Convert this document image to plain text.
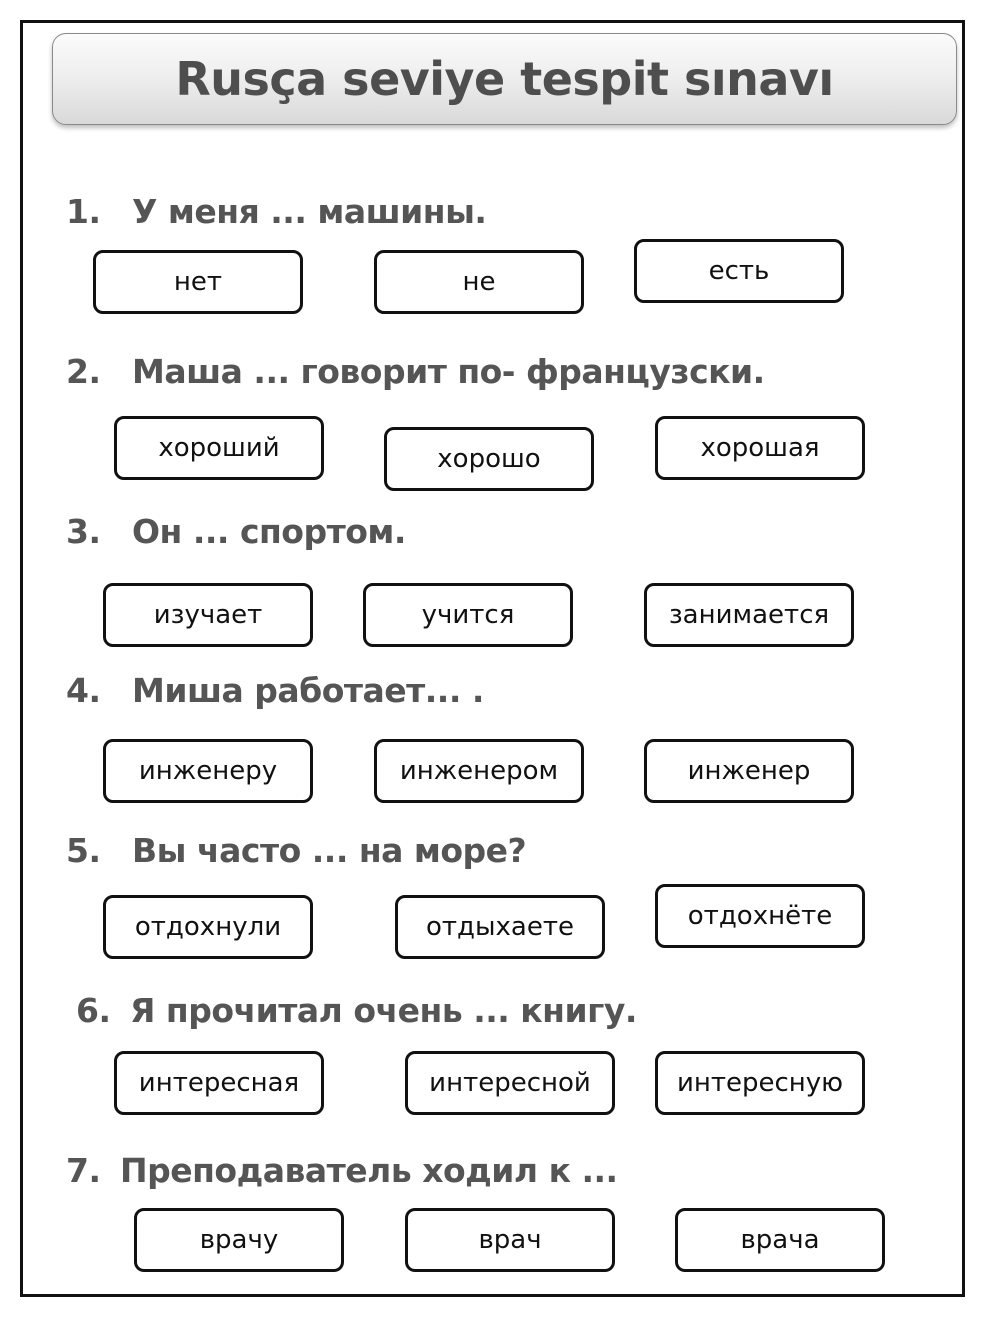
Rusça seviye tespit sınavı
1. У меня ... машины.
нет	не	есть
2. Маша ... говорит по- французски.
хороший	хорошо	хорошая
3. Он ... спортом.
изучает	учится	занимается
4. Миша работает... .
инженеру	инженером	инженер
5. Вы часто ... на море?
отдохнули	отдыхаете	отдохнёте
6. Я прочитал очень ... книгу.
интересная	интересной	интересную
7. Преподаватель ходил к ...
врачу	врач	врача
